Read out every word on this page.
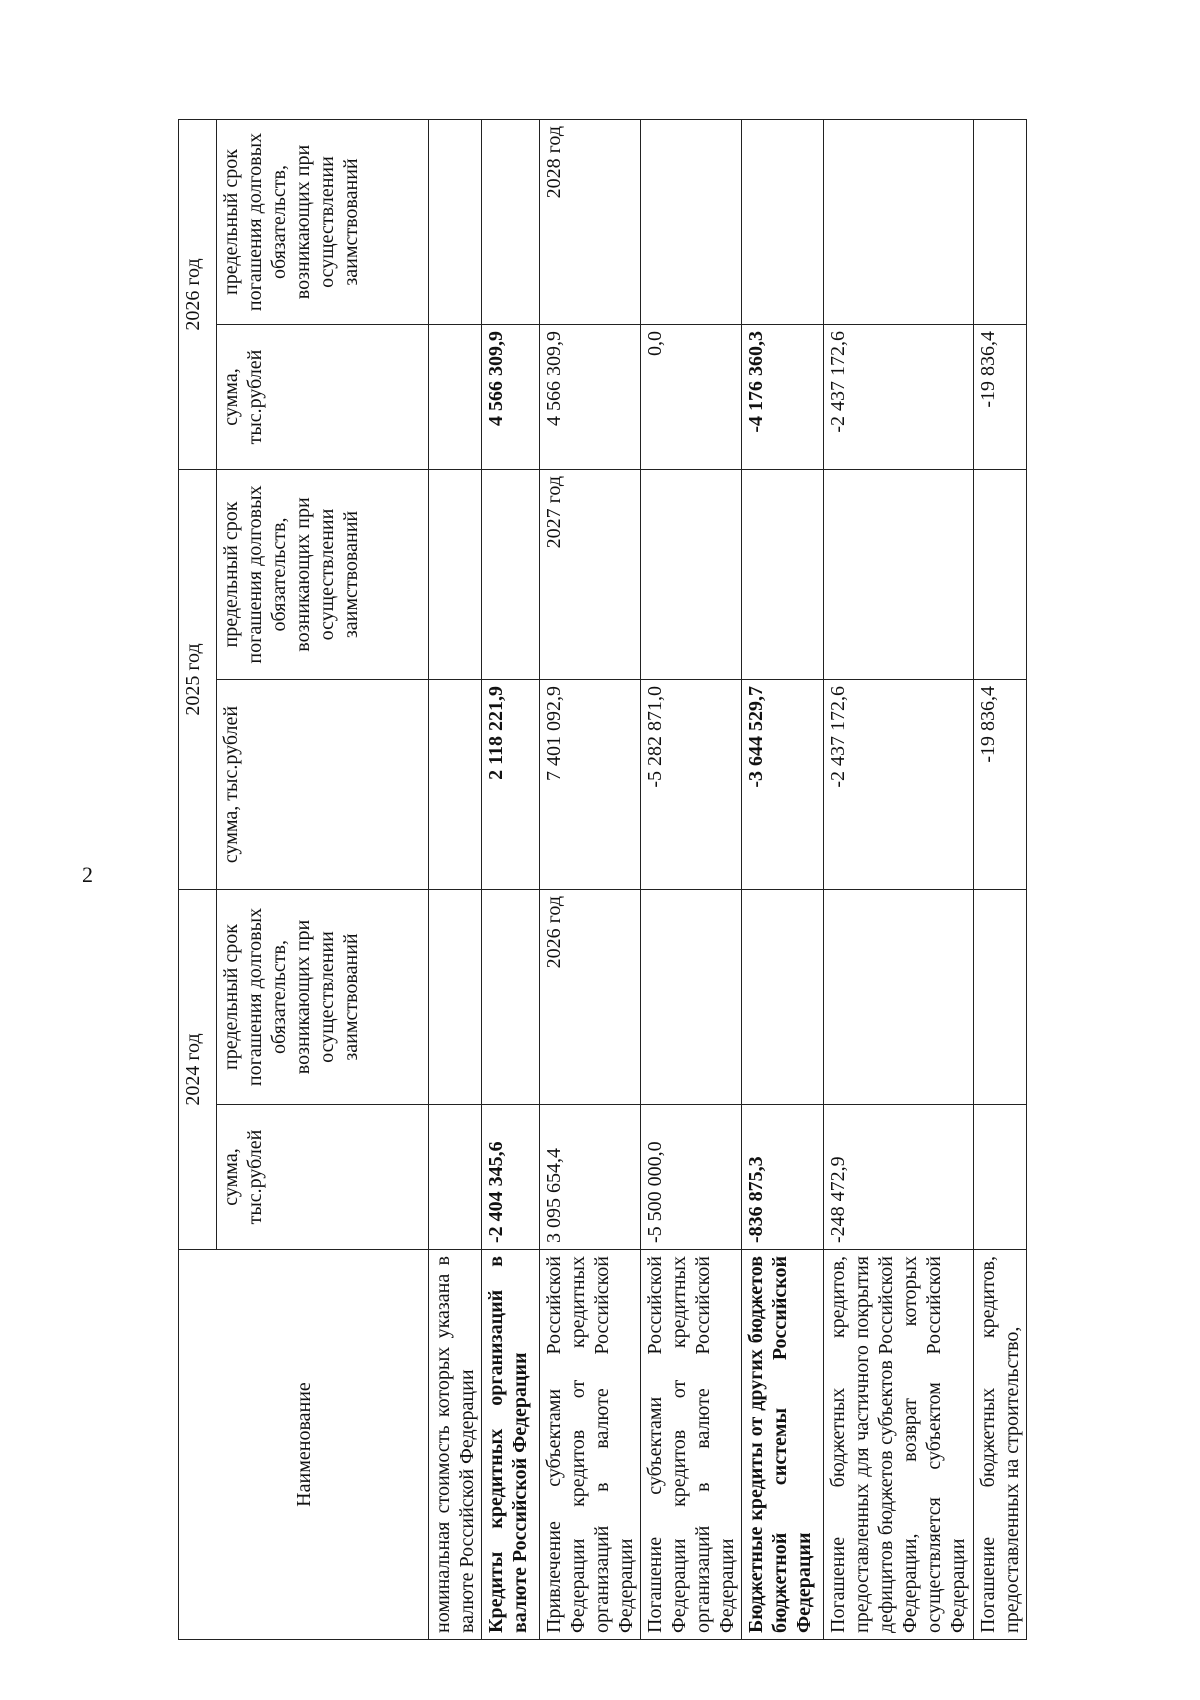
2
Наименование	2024 год		2025 год		2026 год	
	сумма, тыс.рублей	предельный срок погашения долговых обязательств, возникающих при осуществлении заимствований	сумма, тыс.рублей	предельный срок погашения долговых обязательств, возникающих при осуществлении заимствований	сумма, тыс.рублей	предельный срок погашения долговых обязательств, возникающих при осуществлении заимствований
номинальная стоимость которых указана в валюте Российской Федерации						
Кредиты кредитных организаций в валюте Российской Федерации	-2 404 345,6		2 118 221,9		4 566 309,9	
Привлечение субъектами Российской Федерации кредитов от кредитных организаций в валюте Российской Федерации	3 095 654,4	2026 год	7 401 092,9	2027 год	4 566 309,9	2028 год
Погашение субъектами Российской Федерации кредитов от кредитных организаций в валюте Российской Федерации	-5 500 000,0		-5 282 871,0		0,0	
Бюджетные кредиты от других бюджетов бюджетной системы Российской Федерации	-836 875,3		-3 644 529,7		-4 176 360,3	
Погашение бюджетных кредитов, предоставленных для частичного покрытия дефицитов бюджетов субъектов Российской Федерации, возврат которых осуществляется субъектом Российской Федерации	-248 472,9		-2 437 172,6		-2 437 172,6	
Погашение бюджетных кредитов, предоставленных на строительство,			-19 836,4		-19 836,4	
